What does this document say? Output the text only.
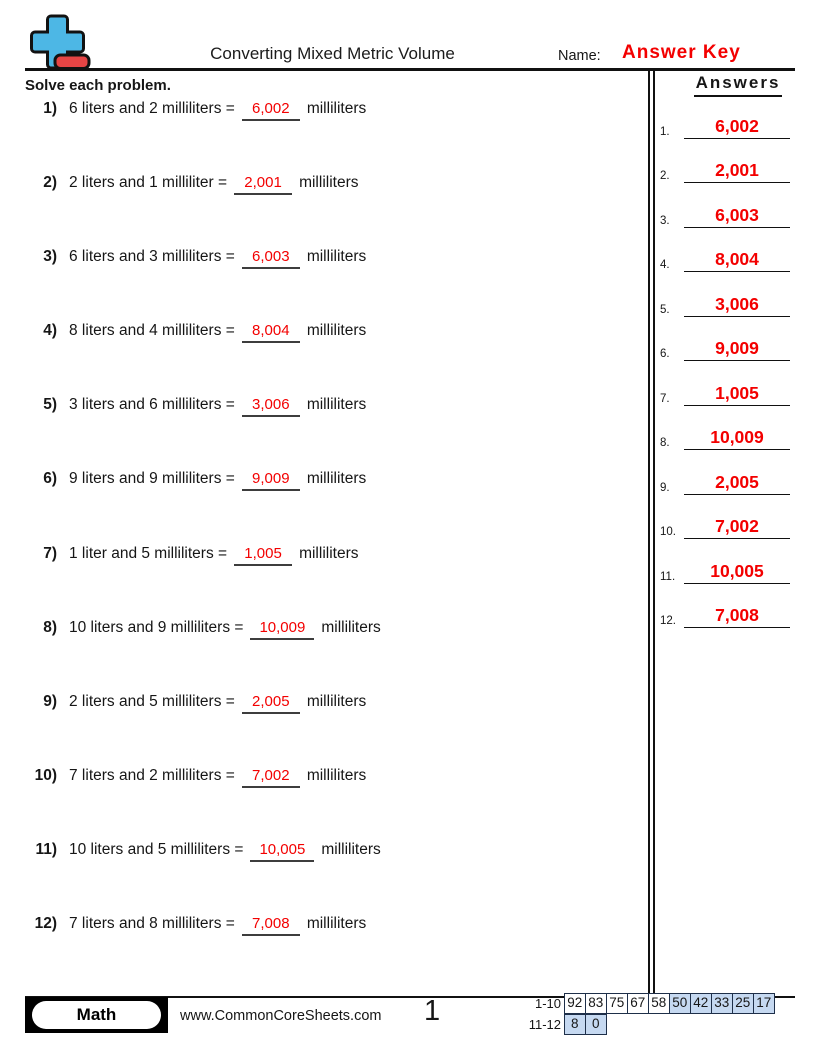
Converting Mixed Metric Volume	Name: Answer Key
Solve each problem.
1) 6 liters and 2 milliliters =	6,002	milliliters
2) 2 liters and 1 milliliter =	2,001	milliliters
3) 6 liters and 3 milliliters =	6,003	milliliters
4) 8 liters and 4 milliliters =	8,004	milliliters
5) 3 liters and 6 milliliters =	3,006	milliliters
6) 9 liters and 9 milliliters =	9,009	milliliters
7) 1 liter and 5 milliliters =	1,005	milliliters
8) 10 liters and 9 milliliters =	10,009	milliliters
9) 2 liters and 5 milliliters =	2,005	milliliters
10) 7 liters and 2 milliliters =	7,002	milliliters
11) 10 liters and 5 milliliters =	10,005	milliliters
12) 7 liters and 8 milliliters =	7,008	milliliters
Answers
1.	6,002
2.	2,001
3.	6,003
4.	8,004
5.	3,006
6.	9,009
7.	1,005
8.	10,009
9.	2,005
10.	7,002
11.	10,005
12.	7,008
Math	www.CommonCoreSheets.com 1	1-10 92 83 75 67 58 50 42 33 25 17
11-12 8 0
